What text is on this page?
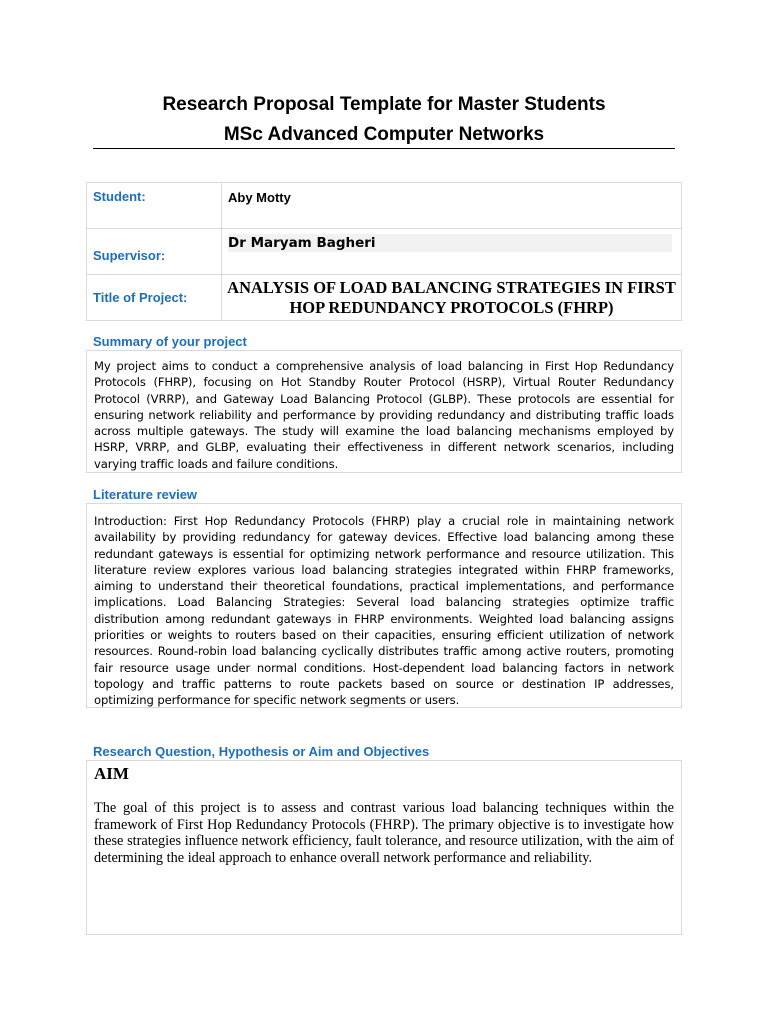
Research Proposal Template for Master Students
MSc Advanced Computer Networks
Student:	Aby Motty
Supervisor:	Dr Maryam Bagheri

Title of Project:	ANALYSIS OF LOAD BALANCING STRATEGIES IN FIRST HOP REDUNDANCY PROTOCOLS (FHRP)
Summary of your project

My project aims to conduct a comprehensive analysis of load balancing in First Hop Redundancy Protocols (FHRP), focusing on Hot Standby Router Protocol (HSRP), Virtual Router Redundancy Protocol (VRRP), and Gateway Load Balancing Protocol (GLBP). These protocols are essential for ensuring network reliability and performance by providing redundancy and distributing traffic loads across multiple gateways. The study will examine the load balancing mechanisms employed by HSRP, VRRP, and GLBP, evaluating their effectiveness in different network scenarios, including varying traffic loads and failure conditions.

Literature review

Introduction: First Hop Redundancy Protocols (FHRP) play a crucial role in maintaining network availability by providing redundancy for gateway devices. Effective load balancing among these redundant gateways is essential for optimizing network performance and resource utilization. This literature review explores various load balancing strategies integrated within FHRP frameworks, aiming to understand their theoretical foundations, practical implementations, and performance implications. Load Balancing Strategies: Several load balancing strategies optimize traffic distribution among redundant gateways in FHRP environments. Weighted load balancing assigns priorities or weights to routers based on their capacities, ensuring efficient utilization of network resources. Round-robin load balancing cyclically distributes traffic among active routers, promoting fair resource usage under normal conditions. Host-dependent load balancing factors in network topology and traffic patterns to route packets based on source or destination IP addresses, optimizing performance for specific network segments or users.

Research Question, Hypothesis or Aim and Objectives
AIM

The goal of this project is to assess and contrast various load balancing techniques within the framework of First Hop Redundancy Protocols (FHRP). The primary objective is to investigate how these strategies influence network efficiency, fault tolerance, and resource utilization, with the aim of determining the ideal approach to enhance overall network performance and reliability.
